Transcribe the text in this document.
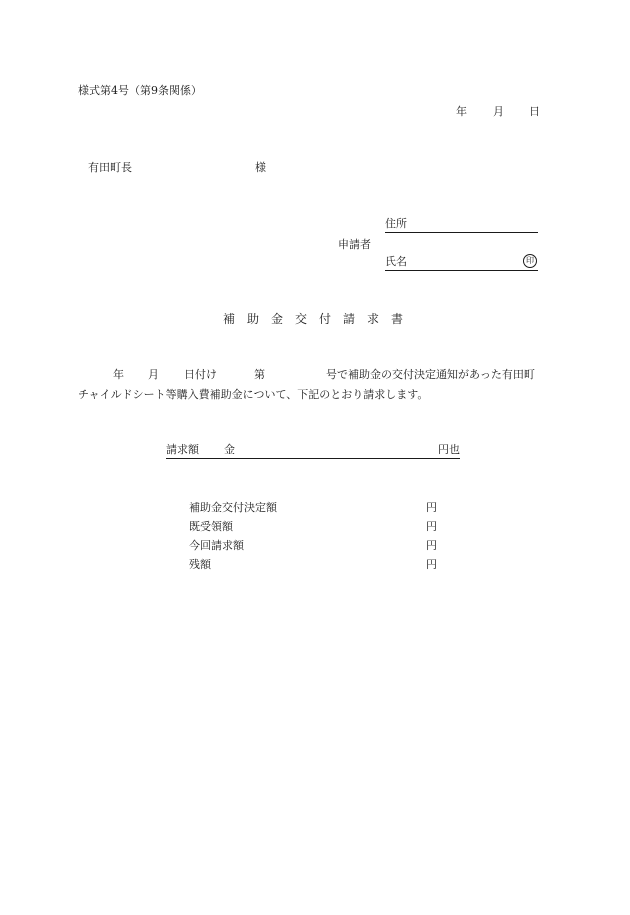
様式第4号（第9条関係）
年 月 日
有田町長	様
住所
申請者
氏名	印
補助金交付請求書
年 月 日付け	第	号で補助金の交付決定通知があった有田町
チャイルドシート等購入費補助金について、下記のとおり請求します。
請求額 金	円也
補助金交付決定額	円
既受領額	円
今回請求額	円
残額	円
